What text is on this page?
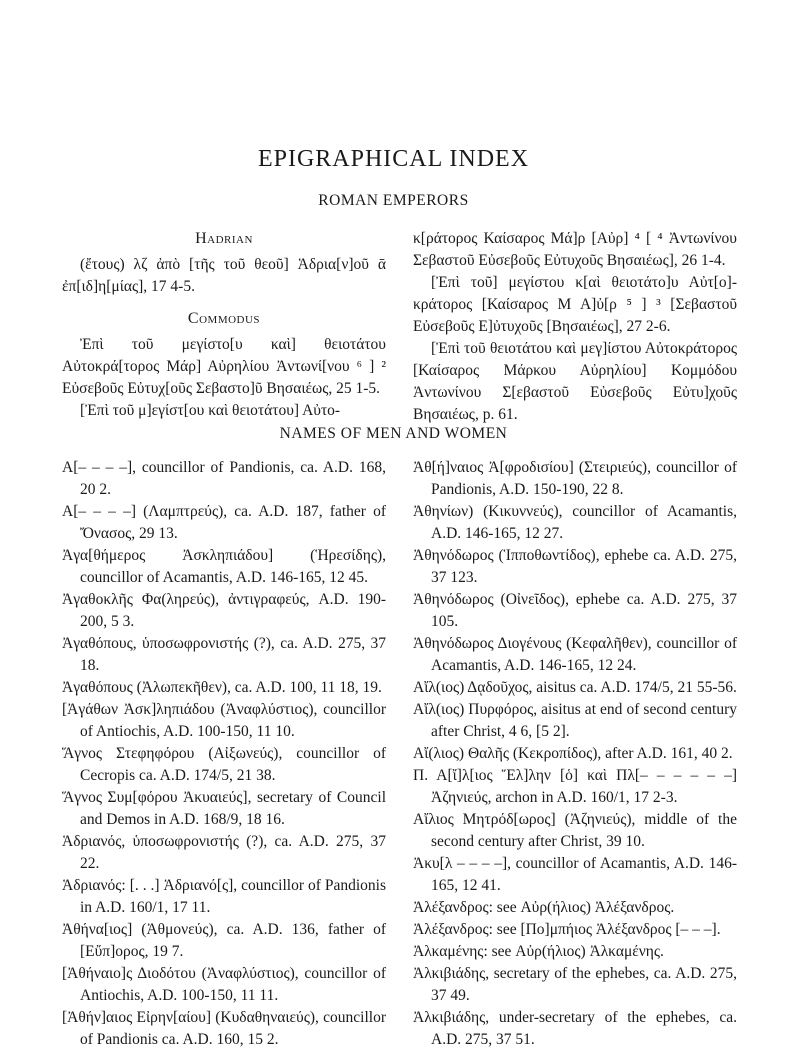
EPIGRAPHICAL INDEX
ROMAN EMPERORS
Hadrian

(ἔτους) λζ ἀπὸ [τῆς τοῦ θεοῦ] Ἁδρια[ν]οῦ ᾱ ἐπ[ιδ]η[μίας], 17 4-5.

Commodus

Ἐπὶ τοῦ μεγίστο[υ καὶ] θειοτάτου Αὐτοκρά[τορος Μάρ] Αὐρηλίου Ἀντωνί[νου ⁶ ] ² Εὐσεβοῦς Εὐτυχ[οῦς Σεβαστο]ῦ Βησαιέως, 25 1-5.

[Ἐπὶ τοῦ μ]εγίστ[ου καὶ θειοτάτου] Αὐτο-

κ[ράτορος Καίσαρος Μά]ρ [Αὐρ] ⁴ [ ⁴ Ἀντωνίνου Σεβαστοῦ Εὐσεβοῦς Εὐτυχοῦς Βησαιέως], 26 1-4.

[Ἐπὶ τοῦ] μεγίστου κ[αὶ θειοτάτο]υ Αὐτ[ο]-κράτορος [Καίσαρος Μ Α]ὐ[ρ ⁵ ] ³ [Σεβαστοῦ Εὐσεβοῦς Ε]ὐτυχοῦς [Βησαιέως], 27 2-6.

[Ἐπὶ τοῦ θειοτάτου καὶ μεγ]ίστου Αὐτοκράτορος [Καίσαρος Μάρκου Αὐρηλίου] Κομμόδου Ἀντωνίνου Σ[εβαστοῦ Εὐσεβοῦς Εὐτυ]χοῦς Βησαιέως, p. 61.

NAMES OF MEN AND WOMEN

Α[– – – –], councillor of Pandionis, ca. A.D. 168, 20 2.

Α[– – – –] (Λαμπτρεύς), ca. A.D. 187, father of Ὄνασος, 29 13.

Ἀγα[θήμερος Ἀσκληπιάδου] (Ἡρεσίδης), councillor of Acamantis, A.D. 146-165, 12 45.

Ἀγαθοκλῆς Φα(ληρεύς), ἀντιγραφεύς, A.D. 190-200, 5 3.

Ἀγαθόπους, ὑποσωφρονιστής (?), ca. A.D. 275, 37 18.

Ἀγαθόπους (Ἀλωπεκῆθεν), ca. A.D. 100, 11 18, 19.

[Ἀγάθων Ἀσκ]ληπιάδου (Ἀναφλύστιος), councillor of Antiochis, A.D. 100-150, 11 10.

Ἅγνος Στεφηφόρου (Αἰξωνεύς), councillor of Cecropis ca. A.D. 174/5, 21 38.

Ἅγνος Συμ[φόρου Ἀκυαιεύς], secretary of Council and Demos in A.D. 168/9, 18 16.

Ἁδριανός, ὑποσωφρονιστής (?), ca. A.D. 275, 37 22.

Ἁδριανός: [. . .] Ἁδριανό[ς], councillor of Pandionis in A.D. 160/1, 17 11.

Ἀθήνα[ιος] (Ἀθμονεύς), ca. A.D. 136, father of [Εὔπ]ορος, 19 7.

[Ἀθήναιο]ς Διοδότου (Ἀναφλύστιος), councillor of Antiochis, A.D. 100-150, 11 11.

[Ἀθήν]αιος Εἰρην[αίου] (Κυδαθηναιεύς), councillor of Pandionis ca. A.D. 160, 15 2.

Ἀθ[ή]ναιος Ἀ[φροδισίου] (Στειριεύς), councillor of Pandionis, A.D. 150-190, 22 8.

Ἀθηνίων) (Κικυννεύς), councillor of Acamantis, A.D. 146-165, 12 27.

Ἀθηνόδωρος (Ἱπποθωντίδος), ephebe ca. A.D. 275, 37 123.

Ἀθηνόδωρος (Οἰνεῖδος), ephebe ca. A.D. 275, 37 105.

Ἀθηνόδωρος Διογένους (Κεφαλῆθεν), councillor of Acamantis, A.D. 146-165, 12 24.

Αἴλ(ιος) Δᾳδοῦχος, aisitus ca. A.D. 174/5, 21 55-56.

Αἴλ(ιος) Πυρφόρος, aisitus at end of second century after Christ, 4 6, [5 2].

Αἴ(λιος) Θαλῆς (Κεκροπίδος), after A.D. 161, 40 2.

Π. Α[ἴ]λ[ιος Ἕλ]λην [ὁ] καὶ Πλ[– – – – – –] Ἀζηνιεύς, archon in A.D. 160/1, 17 2-3.

Αἴλιος Μητρόδ[ωρος] (Ἀζηνιεύς), middle of the second century after Christ, 39 10.

Ἀκυ[λ – – – –], councillor of Acamantis, A.D. 146-165, 12 41.

Ἀλέξανδρος: see Αὐρ(ήλιος) Ἀλέξανδρος.

Ἀλέξανδρος: see [Πο]μπήιος Ἀλέξανδρος [– – –].

Ἀλκαμένης: see Αὐρ(ήλιος) Ἀλκαμένης.

Ἀλκιβιάδης, secretary of the ephebes, ca. A.D. 275, 37 49.

Ἀλκιβιάδης, under-secretary of the ephebes, ca. A.D. 275, 37 51.
